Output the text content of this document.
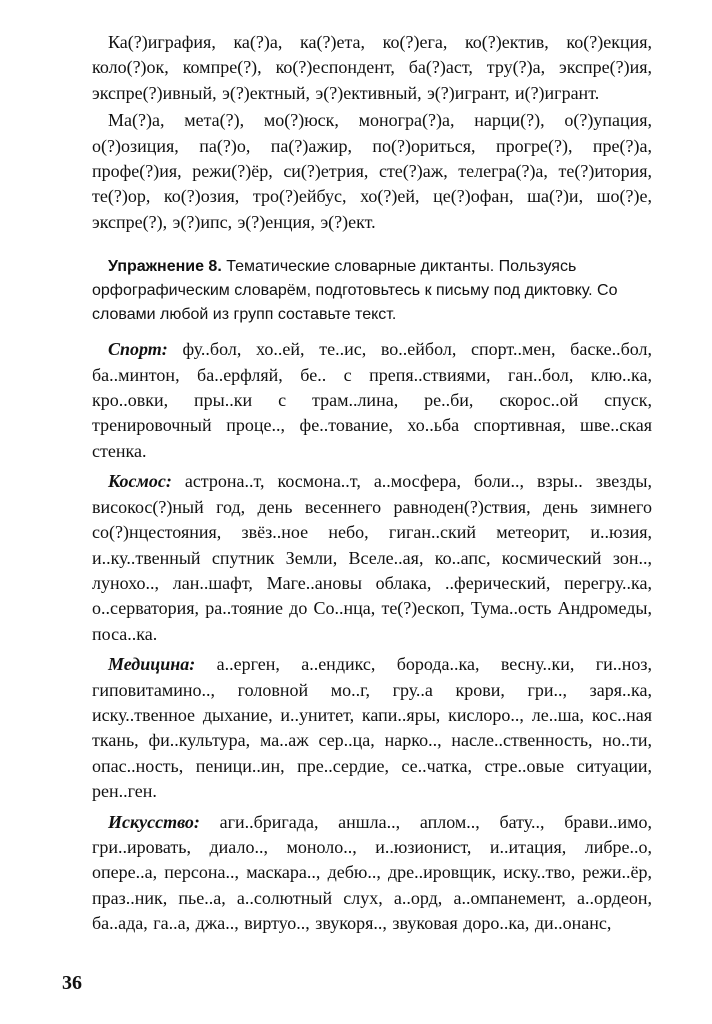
Ка(?)играфия, ка(?)а, ка(?)ета, ко(?)ега, ко(?)ектив, ко(?)екция, коло(?)ок, компре(?), ко(?)еспондент, ба(?)аст, тру(?)а, экспре(?)ия, экспре(?)ивный, э(?)ектный, э(?)ективный, э(?)игрант, и(?)игрант.

Ма(?)а, мета(?), мо(?)юск, моногра(?)а, нарци(?), о(?)упация, о(?)озиция, па(?)о, па(?)ажир, по(?)ориться, прогре(?), пре(?)а, профе(?)ия, режи(?)ёр, си(?)етрия, сте(?)аж, телегра(?)а, те(?)итория, те(?)ор, ко(?)озия, тро(?)ейбус, хо(?)ей, це(?)офан, ша(?)и, шо(?)е, экспре(?), э(?)ипс, э(?)енция, э(?)ект.

Упражнение 8. Тематические словарные диктанты. Пользуясь орфографическим словарём, подготовьтесь к письму под диктовку. Со словами любой из групп составьте текст.

Спорт: фу..бол, хо..ей, те..ис, во..ейбол, спорт..мен, баске..бол, ба..минтон, ба..ерфляй, бе.. с препя..ствиями, ган..бол, клю..ка, кро..овки, пры..ки с трам..лина, ре..би, скорос..ой спуск, тренировочный проце.., фе..тование, хо..ьба спортивная, шве..ская стенка.

Космос: астрона..т, космона..т, а..мосфера, боли.., взры.. звезды, високос(?)ный год, день весеннего равноден(?)ствия, день зимнего со(?)нцестояния, звёз..ное небо, гиган..ский метеорит, и..юзия, и..ку..твенный спутник Земли, Вселе..ая, ко..апс, космический зон.., лунохо.., лан..шафт, Маге..ановы облака, ..ферический, перегру..ка, о..серватория, ра..тояние до Со..нца, те(?)ескоп, Тума..ость Андромеды, поса..ка.

Медицина: а..ерген, а..ендикс, борода..ка, весну..ки, ги..ноз, гиповитамино.., головной мо..г, гру..а крови, гри.., заря..ка, иску..твенное дыхание, и..унитет, капи..яры, кислоро.., ле..ша, кос..ная ткань, фи..культура, ма..аж сер..ца, нарко.., насле..ственность, но..ти, опас..ность, пеници..ин, пре..сердие, се..чатка, стре..овые ситуации, рен..ген.

Искусство: аги..бригада, аншла.., аплом.., бату.., брави..имо, гри..ировать, диало.., моноло.., и..юзионист, и..итация, либре..о, опере..а, персона.., маскара.., дебю.., дре..ировщик, иску..тво, режи..ёр, праз..ник, пье..а, а..солютный слух, а..орд, а..омпанемент, а..ордеон, ба..ада, га..а, джа.., виртуо.., звукоря.., звуковая доро..ка, ди..онанс,

36
